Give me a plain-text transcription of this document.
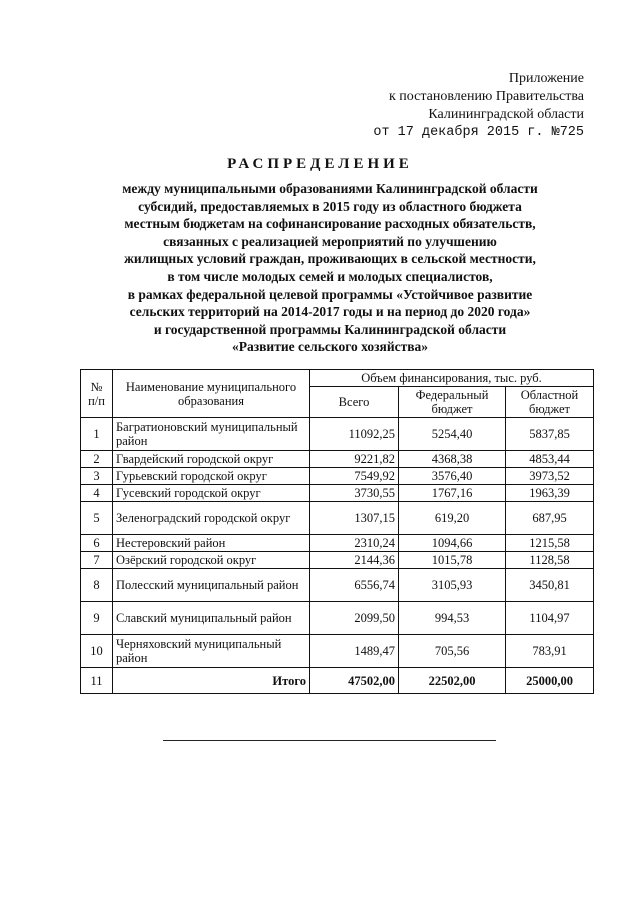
Приложение
к постановлению Правительства
Калининградской области
от 17 декабря 2015 г. №725
РАСПРЕДЕЛЕНИЕ
между муниципальными образованиями Калининградской области
субсидий, предоставляемых в 2015 году из областного бюджета
местным бюджетам на софинансирование расходных обязательств,
связанных с реализацией мероприятий по улучшению
жилищных условий граждан, проживающих в сельской местности,
в том числе молодых семей и молодых специалистов,
в рамках федеральной целевой программы «Устойчивое развитие
сельских территорий на 2014-2017 годы и на период до 2020 года»
и государственной программы Калининградской области
«Развитие сельского хозяйства»
№ п/п	Наименование муниципального образования	Объем финансирования, тыс. руб.		
		Всего	Федеральный бюджет	Областной бюджет
1	Багратионовский муниципальный район	11092,25	5254,40	5837,85
2	Гвардейский городской округ	9221,82	4368,38	4853,44
3	Гурьевский городской округ	7549,92	3576,40	3973,52
4	Гусевский городской округ	3730,55	1767,16	1963,39
5	Зеленоградский городской округ	1307,15	619,20	687,95
6	Нестеровский район	2310,24	1094,66	1215,58
7	Озёрский городской округ	2144,36	1015,78	1128,58
8	Полесский муниципальный район	6556,74	3105,93	3450,81
9	Славский муниципальный район	2099,50	994,53	1104,97
10	Черняховский муниципальный район	1489,47	705,56	783,91
11	Итого	47502,00	22502,00	25000,00
